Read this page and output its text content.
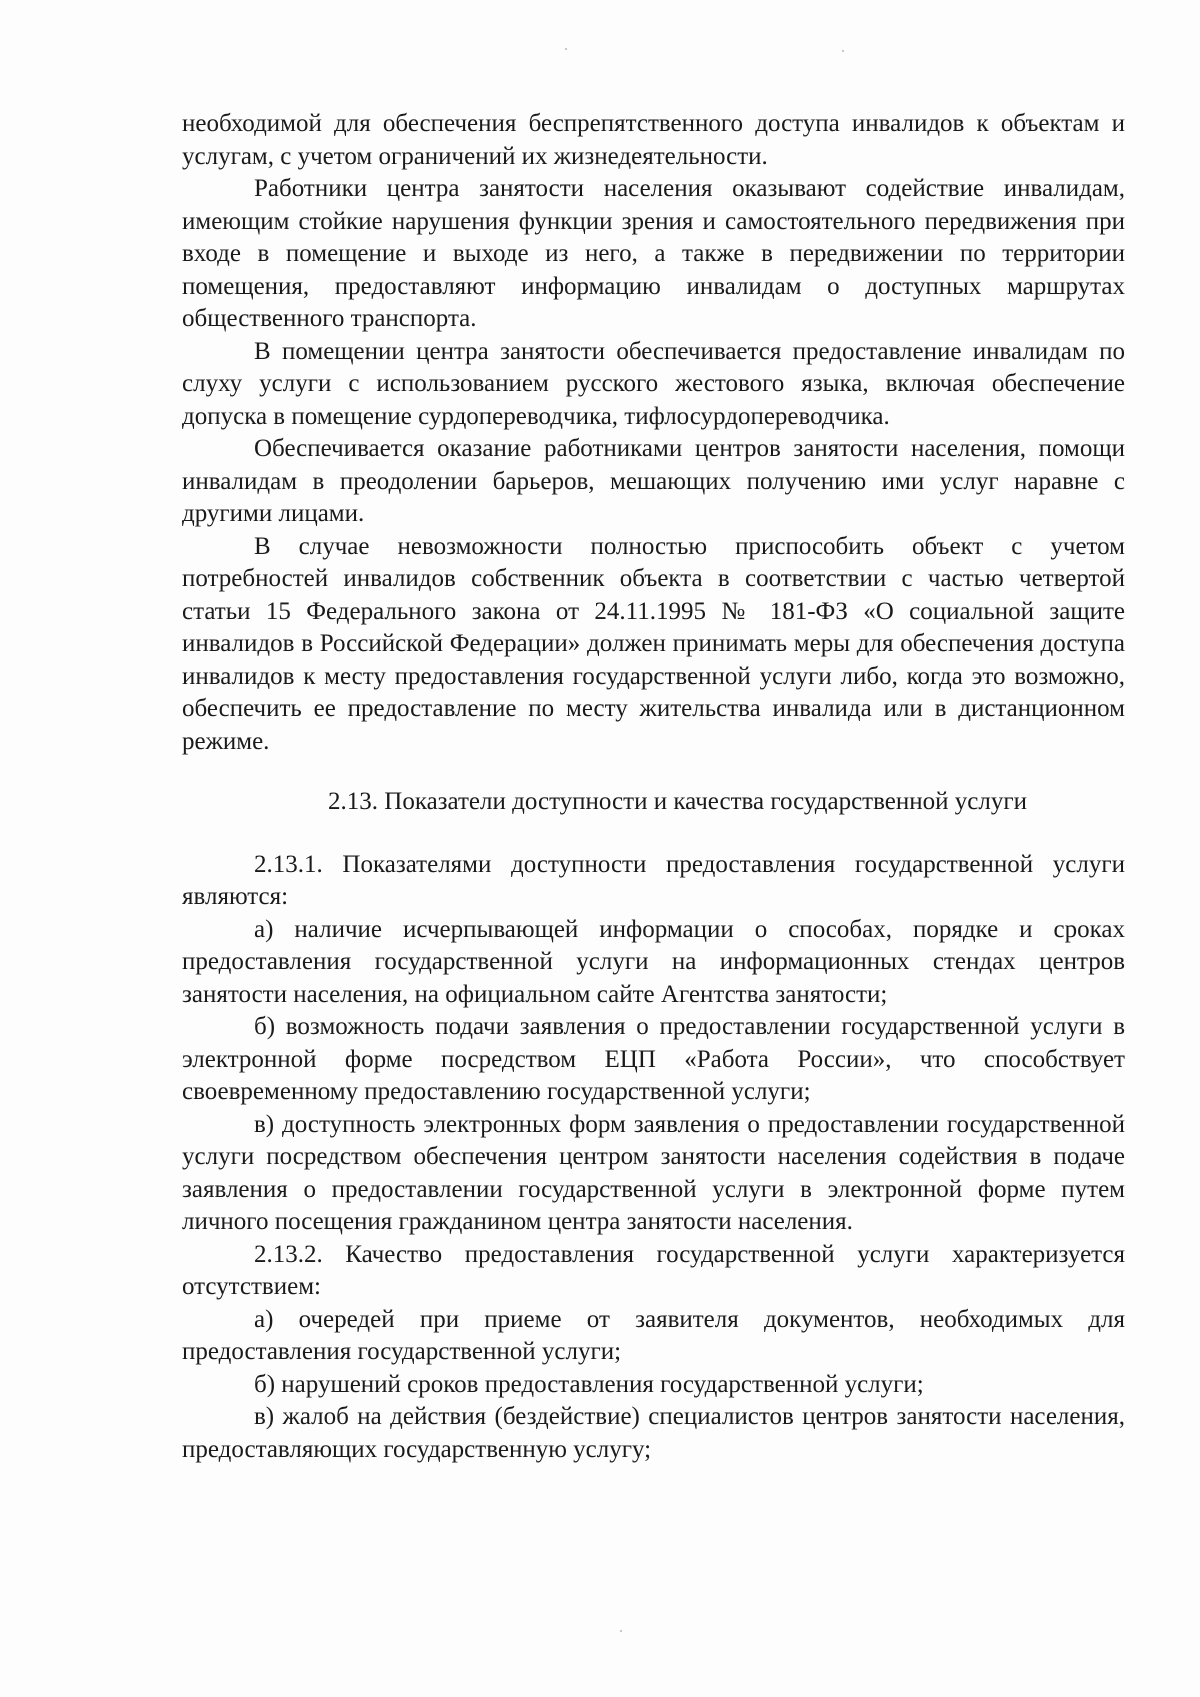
необходимой для обеспечения беспрепятственного доступа инвалидов к объектам и услугам, с учетом ограничений их жизнедеятельности.

Работники центра занятости населения оказывают содействие инвалидам, имеющим стойкие нарушения функции зрения и самостоятельного передвижения при входе в помещение и выходе из него, а также в передвижении по территории помещения, предоставляют информацию инвалидам о доступных маршрутах общественного транспорта.

В помещении центра занятости обеспечивается предоставление инвалидам по слуху услуги с использованием русского жестового языка, включая обеспечение допуска в помещение сурдопереводчика, тифлосурдопереводчика.

Обеспечивается оказание работниками центров занятости населения, помощи инвалидам в преодолении барьеров, мешающих получению ими услуг наравне с другими лицами.

В случае невозможности полностью приспособить объект с учетом потребностей инвалидов собственник объекта в соответствии с частью четвертой статьи 15 Федерального закона от 24.11.1995 № 181-ФЗ «О социальной защите инвалидов в Российской Федерации» должен принимать меры для обеспечения доступа инвалидов к месту предоставления государственной услуги либо, когда это возможно, обеспечить ее предоставление по месту жительства инвалида или в дистанционном режиме.

2.13. Показатели доступности и качества государственной услуги

2.13.1. Показателями доступности предоставления государственной услуги являются:

а) наличие исчерпывающей информации о способах, порядке и сроках предоставления государственной услуги на информационных стендах центров занятости населения, на официальном сайте Агентства занятости;

б) возможность подачи заявления о предоставлении государственной услуги в электронной форме посредством ЕЦП «Работа России», что способствует своевременному предоставлению государственной услуги;

в) доступность электронных форм заявления о предоставлении государственной услуги посредством обеспечения центром занятости населения содействия в подаче заявления о предоставлении государственной услуги в электронной форме путем личного посещения гражданином центра занятости населения.

2.13.2. Качество предоставления государственной услуги характеризуется отсутствием:

а) очередей при приеме от заявителя документов, необходимых для предоставления государственной услуги;

б) нарушений сроков предоставления государственной услуги;

в) жалоб на действия (бездействие) специалистов центров занятости населения, предоставляющих государственную услугу;
